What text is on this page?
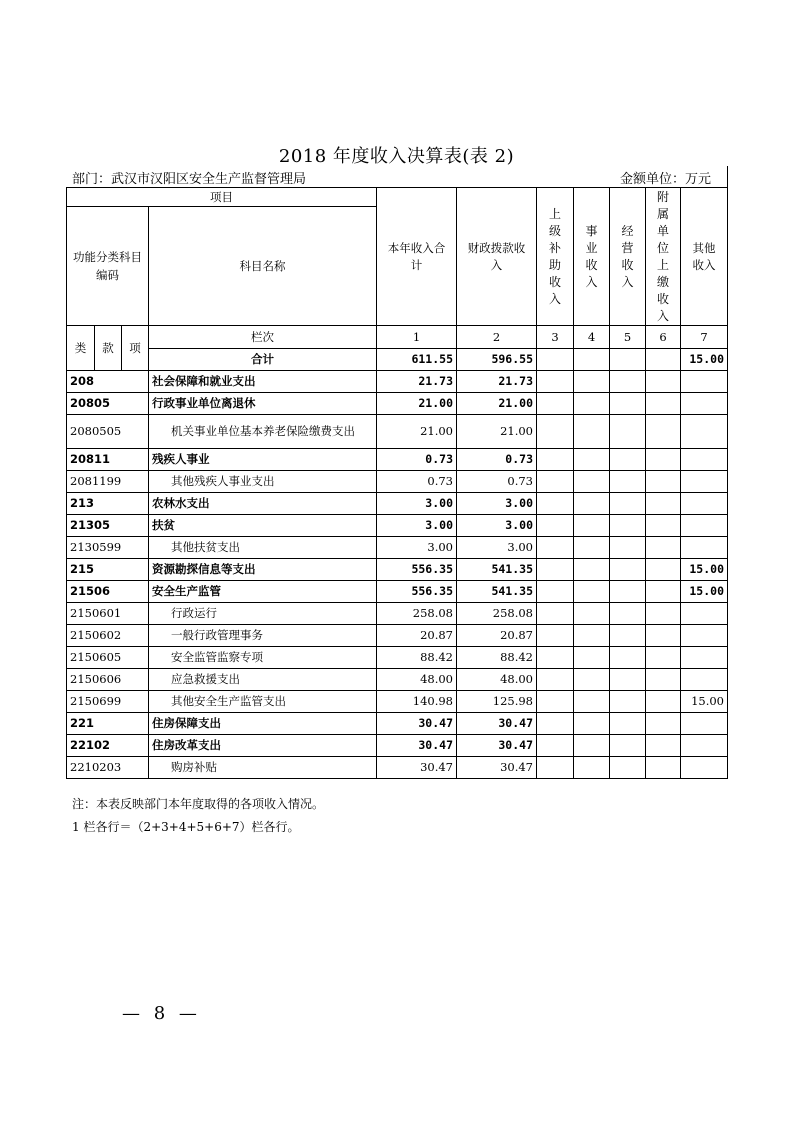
2018 年度收入决算表(表 2)
部门：武汉市汉阳区安全生产监督管理局	金额单位：万元
项目				本年收入合计	财政拨款收入	上级补助收入	事业收入	经营收入	附属单位上缴收入	其他收入
功能分类科目编码			科目名称							
类	款	项	栏次	1	2	3	4	5	6	7
			合计	611.55	596.55					15.00
208			社会保障和就业支出	21.73	21.73					
20805			行政事业单位离退休	21.00	21.00					
2080505			机关事业单位基本养老保险缴费支出	21.00	21.00					
20811			残疾人事业	0.73	0.73					
2081199			其他残疾人事业支出	0.73	0.73					
213			农林水支出	3.00	3.00					
21305			扶贫	3.00	3.00					
2130599			其他扶贫支出	3.00	3.00					
215			资源勘探信息等支出	556.35	541.35					15.00
21506			安全生产监管	556.35	541.35					15.00
2150601			行政运行	258.08	258.08					
2150602			一般行政管理事务	20.87	20.87					
2150605			安全监管监察专项	88.42	88.42					
2150606			应急救援支出	48.00	48.00					
2150699			其他安全生产监管支出	140.98	125.98					15.00
221			住房保障支出	30.47	30.47					
22102			住房改革支出	30.47	30.47					
2210203			购房补贴	30.47	30.47					
注：本表反映部门本年度取得的各项收入情况。
1 栏各行＝（2+3+4+5+6+7）栏各行。
— 8 —
